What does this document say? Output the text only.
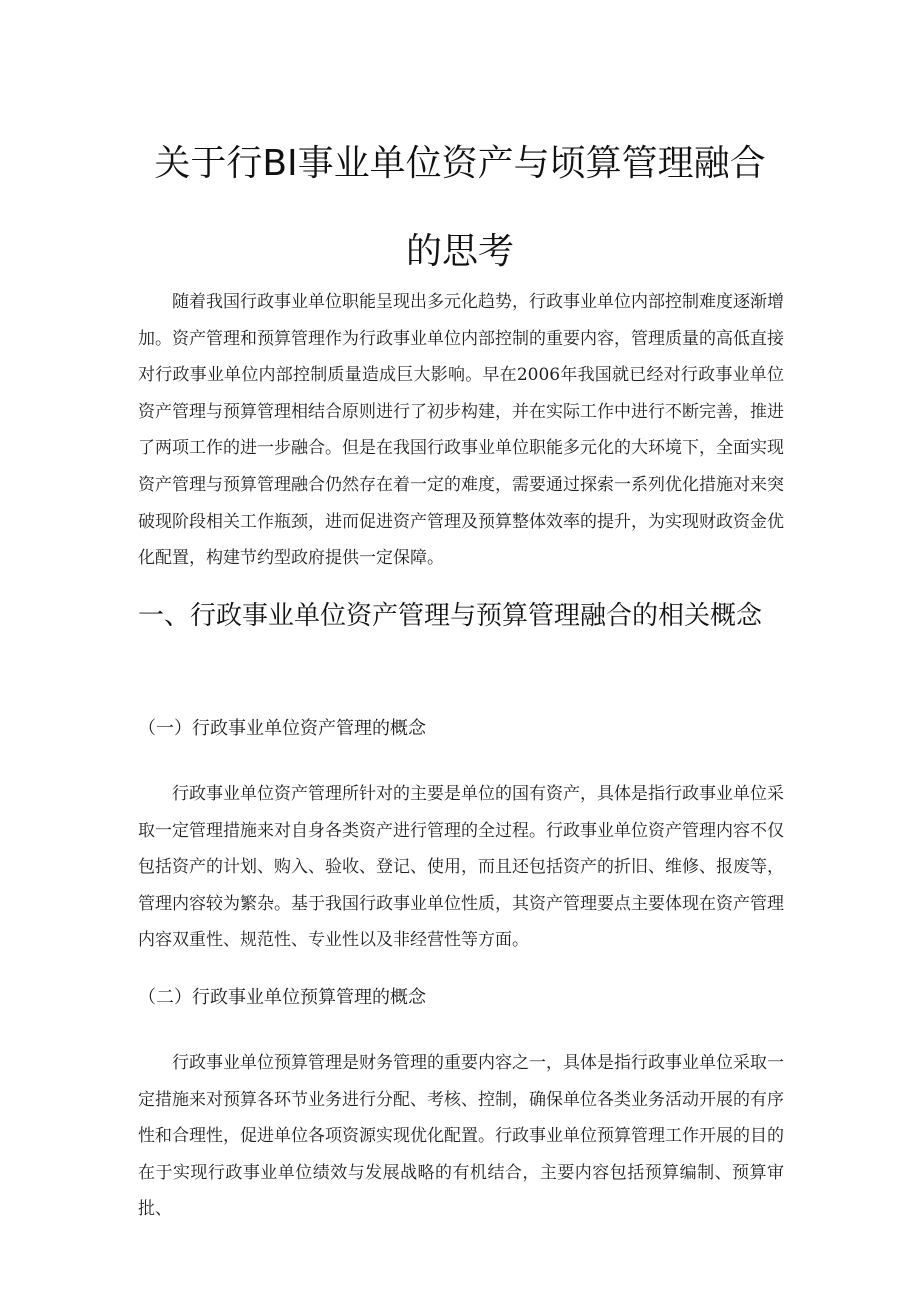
关于行BI事业单位资产与顷算管理融合的思考

随着我国行政事业单位职能呈现出多元化趋势，行政事业单位内部控制难度逐渐增加。资产管理和预算管理作为行政事业单位内部控制的重要内容，管理质量的高低直接对行政事业单位内部控制质量造成巨大影响。早在2006年我国就已经对行政事业单位资产管理与预算管理相结合原则进行了初步构建，并在实际工作中进行不断完善，推进了两项工作的进一步融合。但是在我国行政事业单位职能多元化的大环境下，全面实现资产管理与预算管理融合仍然存在着一定的难度，需要通过探索一系列优化措施对来突破现阶段相关工作瓶颈，进而促进资产管理及预算整体效率的提升，为实现财政资金优化配置，构建节约型政府提供一定保障。

一、行政事业单位资产管理与预算管理融合的相关概念
（一）行政事业单位资产管理的概念

行政事业单位资产管理所针对的主要是单位的国有资产，具体是指行政事业单位采取一定管理措施来对自身各类资产进行管理的全过程。行政事业单位资产管理内容不仅包括资产的计划、购入、验收、登记、使用，而且还包括资产的折旧、维修、报废等，管理内容较为繁杂。基于我国行政事业单位性质，其资产管理要点主要体现在资产管理内容双重性、规范性、专业性以及非经营性等方面。

（二）行政事业单位预算管理的概念

行政事业单位预算管理是财务管理的重要内容之一，具体是指行政事业单位采取一定措施来对预算各环节业务进行分配、考核、控制，确保单位各类业务活动开展的有序性和合理性，促进单位各项资源实现优化配置。行政事业单位预算管理工作开展的目的在于实现行政事业单位绩效与发展战略的有机结合，主要内容包括预算编制、预算审批、
